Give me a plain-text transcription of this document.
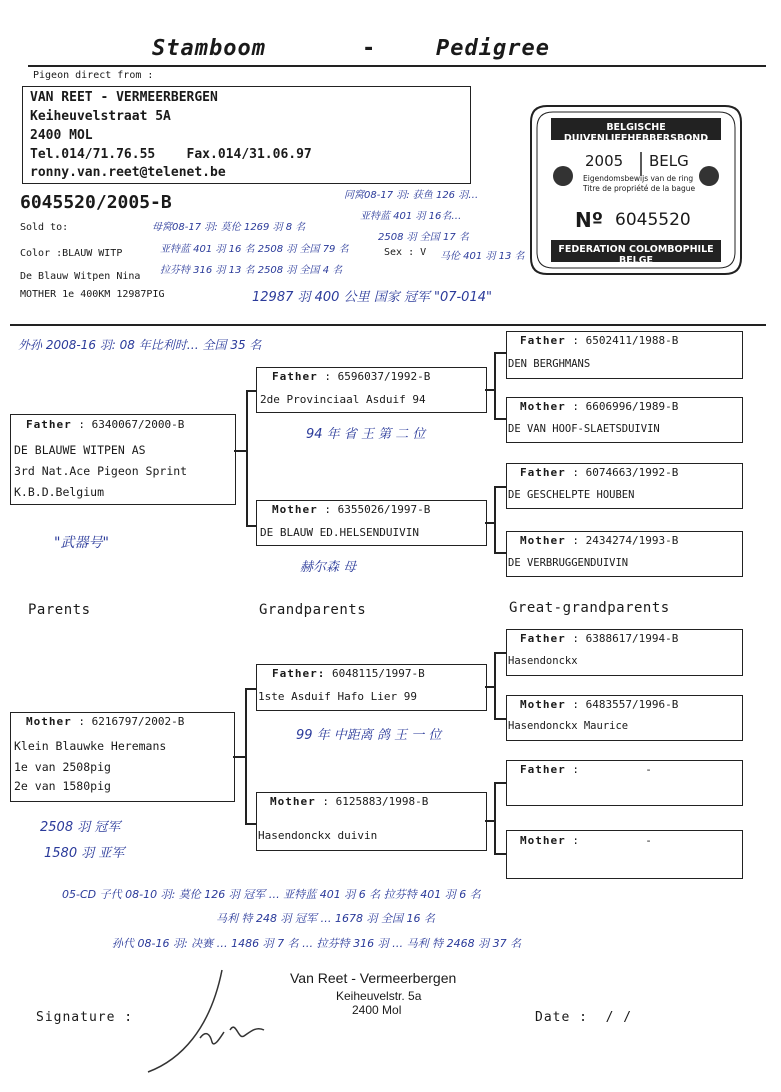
Stamboom	-	Pedigree
Pigeon direct from :
VAN REET - VERMEERBERGEN
Keiheuvelstraat 5A
2400 MOL
Tel.014/71.76.55    Fax.014/31.06.97
ronny.van.reet@telenet.be
6045520/2005-B
Sold to:
Color :BLAUW WITP	Sex : V
De Blauw Witpen Nina
MOTHER 1e 400KM 12987PIG
BELGISCHE DUIVENLIEFHEBBERSBOND
2005 BELG
Eigendomsbewijs van de ring
Titre de propriété de la bague
Nº 6045520
FEDERATION COLOMBOPHILE BELGE
同窝08-17 羽: 获鱼 126 羽…
亚特蓝 401 羽 16名…
2508 羽 全国 17 名
母窝08-17 羽: 莫伦 1269 羽 8 名
亚特蓝 401 羽 16 名 2508 羽 全国 79 名
拉芬特 316 羽 13 名 2508 羽 全国 4 名
马伦 401 羽 13 名
12987 羽 400 公里 国家 冠军 "07-014"
外孙 2008-16 羽: 08 年比利时… 全国 35 名
Father : 6340067/2000-B
DE BLAUWE WITPEN AS
3rd Nat.Ace Pigeon Sprint
K.B.D.Belgium
"武器号"
Father : 6596037/1992-B
2de Provinciaal Asduif 94
94 年 省 王 第 二 位
Mother : 6355026/1997-B
DE BLAUW ED.HELSENDUIVIN
赫尔森 母
Father : 6502411/1988-B
DEN BERGHMANS
Mother : 6606996/1989-B
DE VAN HOOF-SLAETSDUIVIN
Father : 6074663/1992-B
DE GESCHELPTE HOUBEN
Mother : 2434274/1993-B
DE VERBRUGGENDUIVIN
Parents	Grandparents	Great-grandparents
Mother : 6216797/2002-B
Klein Blauwke Heremans
1e van 2508pig
2e van 1580pig
2508 羽 冠军
1580 羽 亚军
Father: 6048115/1997-B
1ste Asduif Hafo Lier 99
99 年 中距离 鸽 王 一 位
Mother : 6125883/1998-B
Hasendonckx duivin
Father : 6388617/1994-B
Hasendonckx
Mother : 6483557/1996-B
Hasendonckx Maurice
Father :          -
Mother :          -
05-CD 子代 08-10 羽: 莫伦 126 羽 冠军 … 亚特蓝 401 羽 6 名 拉芬特 401 羽 6 名
马利 特 248 羽 冠军 … 1678 羽 全国 16 名
孙代 08-16 羽: 决赛 … 1486 羽 7 名 … 拉芬特 316 羽 … 马利 特 2468 羽 37 名
Van Reet - Vermeerbergen
Keiheuvelstr. 5a
2400 Mol
Signature :	Date :  / /
